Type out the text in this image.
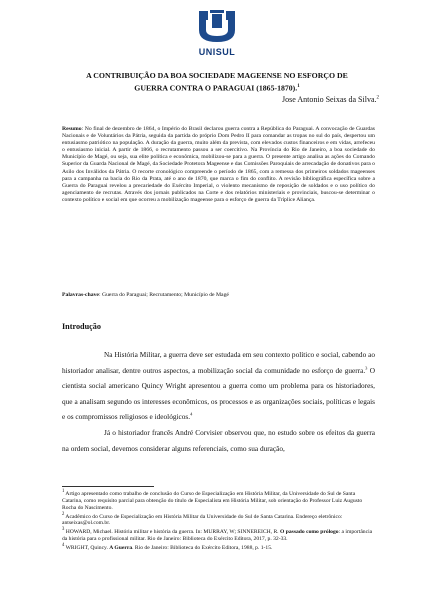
UNISUL
A CONTRIBUIÇÃO DA BOA SOCIEDADE MAGEENSE NO ESFORÇO DE
GUERRA CONTRA O PARAGUAI (1865-1870).$^1$
Jose Antonio Seixas da Silva.$^2$
Resumo: No final de dezembro de 1864, o Império do Brasil declarou guerra contra a República do Paraguai. A convocação de Guardas Nacionais e de Voluntários da Pátria, seguida da partida do próprio Dom Pedro II para comandar as tropas no sul do país, despertou um entusiasmo patriótico na população. A duração da guerra, muito além da prevista, com elevados custos financeiros e em vidas, arrefeceu o entusiasmo inicial. A partir de 1866, o recrutamento passou a ser coercitivo. Na Província do Rio de Janeiro, a boa sociedade do Município de Magé, ou seja, sua elite política e econômica, mobilizou-se para a guerra. O presente artigo analisa as ações do Comando Superior da Guarda Nacional de Magé, da Sociedade Protetora Mageense e das Comissões Paroquiais de arrecadação de donativos para o Asilo dos Inválidos da Pátria. O recorte cronológico compreende o período de 1865, com a remessa dos primeiros soldados mageenses para a campanha na bacia do Rio da Prata, até o ano de 1870, que marca o fim do conflito. A revisão bibliográfica específica sobre a Guerra do Paraguai revelou a precariedade do Exército Imperial, o violento mecanismo de reposição de soldados e o uso político do agenciamento de recrutas. Através dos jornais publicados na Corte e dos relatórios ministeriais e provinciais, buscou-se determinar o contexto político e social em que ocorreu a mobilização mageense para o esforço de guerra da Tríplice Aliança.
Palavras-chave: Guerra do Paraguai; Recrutamento; Município de Magé
Introdução

Na História Militar, a guerra deve ser estudada em seu contexto político e social, cabendo ao historiador analisar, dentre outros aspectos, a mobilização social da comunidade no esforço de guerra.$^3$ O cientista social americano Quincy Wright apresentou a guerra como um problema para os historiadores, que a analisam segundo os interesses econômicos, os processos e as organizações sociais, políticas e legais e os compromissos religiosos e ideológicos.$^4$

Já o historiador francês André Corvisier observou que, no estudo sobre os efeitos da guerra na ordem social, devemos considerar alguns referenciais, como sua duração,

$^1$ Artigo apresentado como trabalho de conclusão do Curso de Especialização em História Militar, da Universidade do Sul de Santa Catarina, como requisito parcial para obtenção do título de Especialista em História Militar, sob orientação do Professor Luiz Augusto Rocha do Nascimento.
$^2$ Acadêmico do Curso de Especialização em História Militar da Universidade do Sul de Santa Catarina. Endereço eletrônico: antseixas@ol.com.br.
$^3$ HOWARD, Michael. História militar e história da guerra. In: MURRAY, W; SINNEREICH, R. O passado como prólogo: a importância da história para o profissional militar. Rio de Janeiro: Biblioteca do Exército Editora, 2017, p. 32-33.
$^4$ WRIGHT, Quincy. A Guerra. Rio de Janeiro: Biblioteca do Exército Editora, 1988, p. 1-15.
